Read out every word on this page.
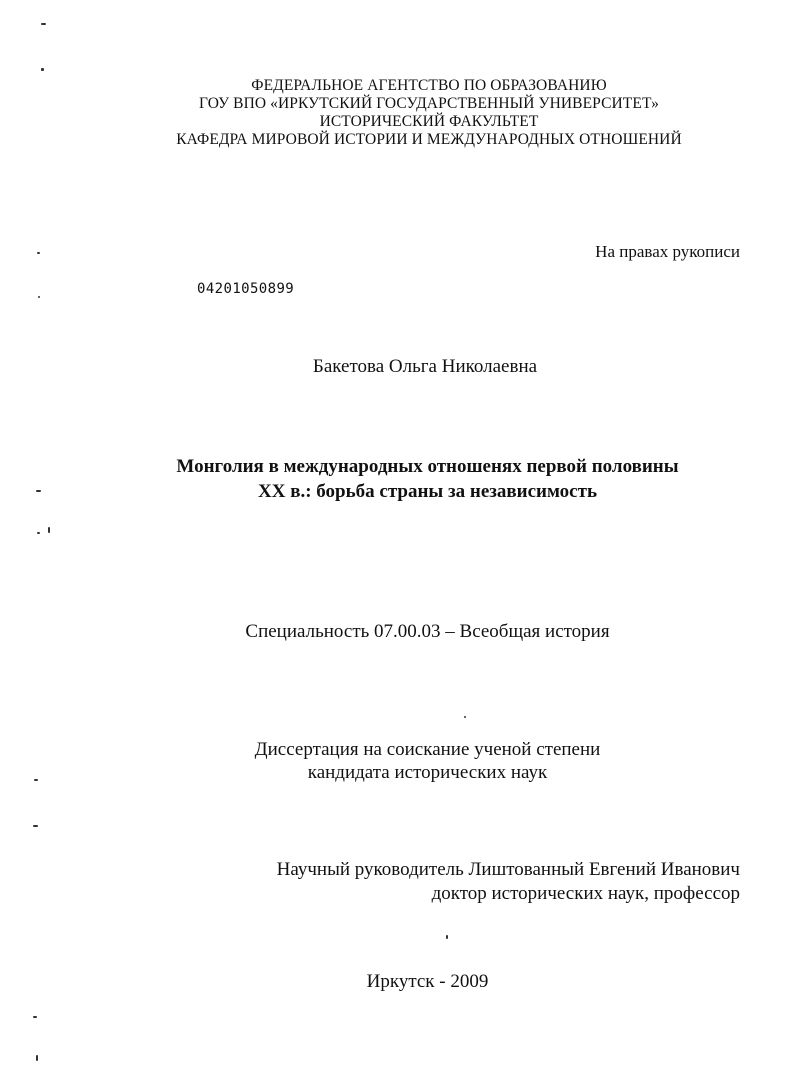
ФЕДЕРАЛЬНОЕ АГЕНТСТВО ПО ОБРАЗОВАНИЮ
ГОУ ВПО «ИРКУТСКИЙ ГОСУДАРСТВЕННЫЙ УНИВЕРСИТЕТ»
ИСТОРИЧЕСКИЙ ФАКУЛЬТЕТ
КАФЕДРА МИРОВОЙ ИСТОРИИ И МЕЖДУНАРОДНЫХ ОТНОШЕНИЙ
На правах рукописи
04201050899
Бакетова Ольга Николаевна
Монголия в международных отношенях первой половины
XX в.: борьба страны за независимость
Специальность 07.00.03 – Всеобщая история
Диссертация на соискание ученой степени
кандидата исторических наук
Научный руководитель Лиштованный Евгений Иванович
доктор исторических наук, профессор
Иркутск - 2009
